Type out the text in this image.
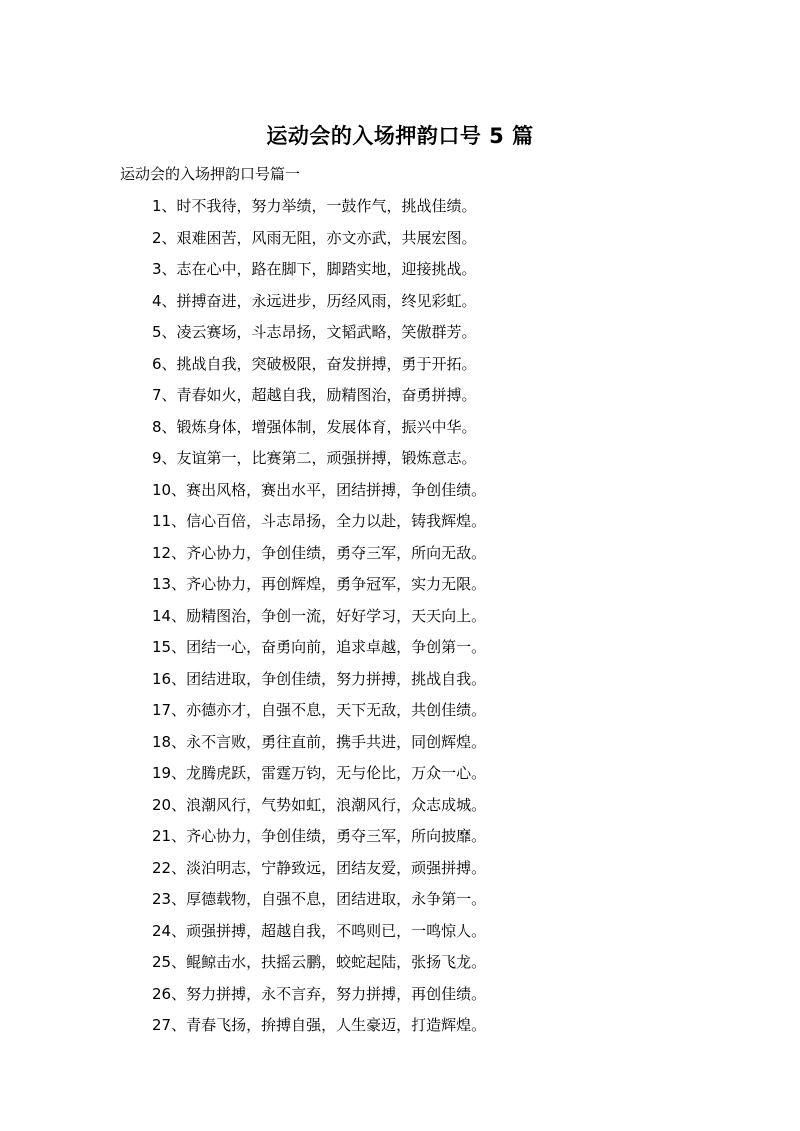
运动会的入场押韵口号 5 篇
运动会的入场押韵口号篇一
1、时不我待，努力举绩，一鼓作气，挑战佳绩。
2、艰难困苦，风雨无阻，亦文亦武，共展宏图。
3、志在心中，路在脚下，脚踏实地，迎接挑战。
4、拼搏奋进，永远进步，历经风雨，终见彩虹。
5、凌云赛场，斗志昂扬，文韬武略，笑傲群芳。
6、挑战自我，突破极限，奋发拼搏，勇于开拓。
7、青春如火，超越自我，励精图治，奋勇拼搏。
8、锻炼身体，增强体制，发展体育，振兴中华。
9、友谊第一，比赛第二，顽强拼搏，锻炼意志。
10、赛出风格，赛出水平，团结拼搏，争创佳绩。
11、信心百倍，斗志昂扬，全力以赴，铸我辉煌。
12、齐心协力，争创佳绩，勇夺三军，所向无敌。
13、齐心协力，再创辉煌，勇争冠军，实力无限。
14、励精图治，争创一流，好好学习，天天向上。
15、团结一心，奋勇向前，追求卓越，争创第一。
16、团结进取，争创佳绩，努力拼搏，挑战自我。
17、亦德亦才，自强不息，天下无敌，共创佳绩。
18、永不言败，勇往直前，携手共进，同创辉煌。
19、龙腾虎跃，雷霆万钧，无与伦比，万众一心。
20、浪潮风行，气势如虹，浪潮风行，众志成城。
21、齐心协力，争创佳绩，勇夺三军，所向披靡。
22、淡泊明志，宁静致远，团结友爱，顽强拼搏。
23、厚德载物，自强不息，团结进取，永争第一。
24、顽强拼搏，超越自我，不鸣则已，一鸣惊人。
25、鲲鲸击水，扶摇云鹏，蛟蛇起陆，张扬飞龙。
26、努力拼搏，永不言弃，努力拼搏，再创佳绩。
27、青春飞扬，拚搏自强，人生豪迈，打造辉煌。
